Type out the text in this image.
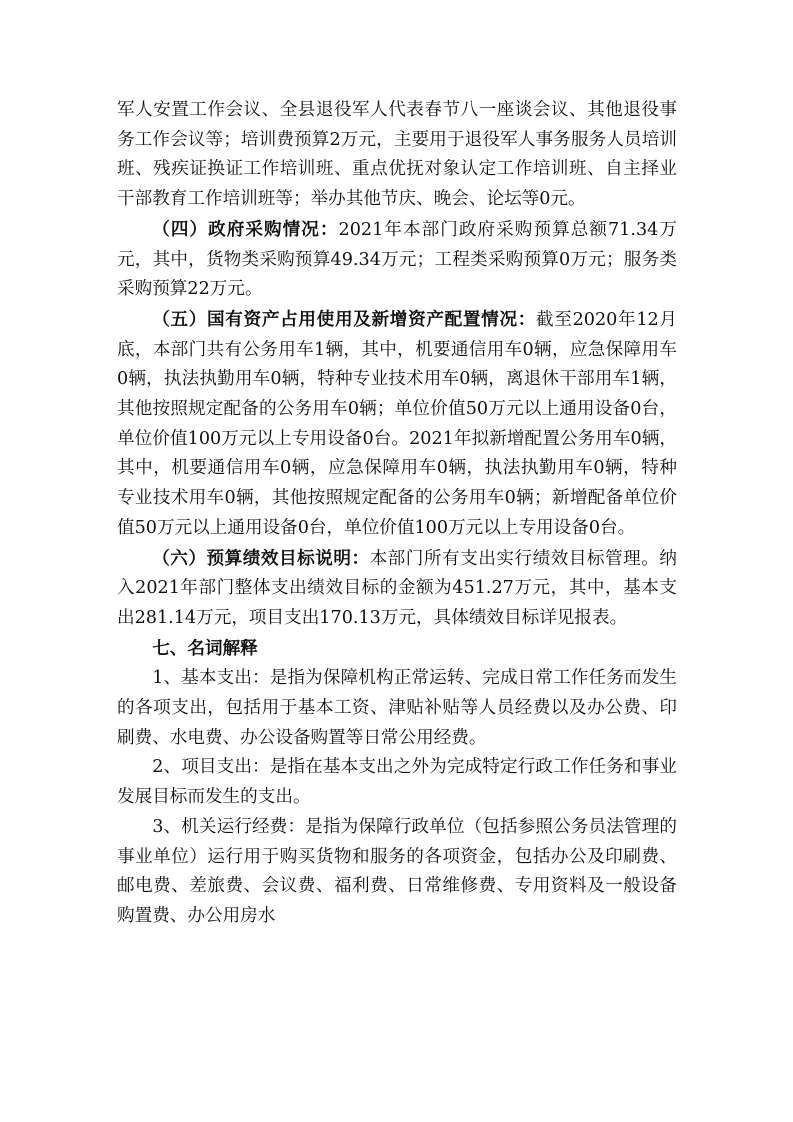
军人安置工作会议、全县退役军人代表春节八一座谈会议、其他退役事务工作会议等；培训费预算2万元，主要用于退役军人事务服务人员培训班、残疾证换证工作培训班、重点优抚对象认定工作培训班、自主择业干部教育工作培训班等；举办其他节庆、晚会、论坛等0元。

（四）政府采购情况：2021年本部门政府采购预算总额71.34万元，其中，货物类采购预算49.34万元；工程类采购预算0万元；服务类采购预算22万元。

（五）国有资产占用使用及新增资产配置情况：截至2020年12月底，本部门共有公务用车1辆，其中，机要通信用车0辆，应急保障用车0辆，执法执勤用车0辆，特种专业技术用车0辆，离退休干部用车1辆，其他按照规定配备的公务用车0辆；单位价值50万元以上通用设备0台，单位价值100万元以上专用设备0台。2021年拟新增配置公务用车0辆，其中，机要通信用车0辆，应急保障用车0辆，执法执勤用车0辆，特种专业技术用车0辆，其他按照规定配备的公务用车0辆；新增配备单位价值50万元以上通用设备0台，单位价值100万元以上专用设备0台。

（六）预算绩效目标说明：本部门所有支出实行绩效目标管理。纳入2021年部门整体支出绩效目标的金额为451.27万元，其中，基本支出281.14万元，项目支出170.13万元，具体绩效目标详见报表。

七、名词解释

1、基本支出：是指为保障机构正常运转、完成日常工作任务而发生的各项支出，包括用于基本工资、津贴补贴等人员经费以及办公费、印刷费、水电费、办公设备购置等日常公用经费。

2、项目支出：是指在基本支出之外为完成特定行政工作任务和事业发展目标而发生的支出。

3、机关运行经费：是指为保障行政单位（包括参照公务员法管理的事业单位）运行用于购买货物和服务的各项资金，包括办公及印刷费、邮电费、差旅费、会议费、福利费、日常维修费、专用资料及一般设备购置费、办公用房水
